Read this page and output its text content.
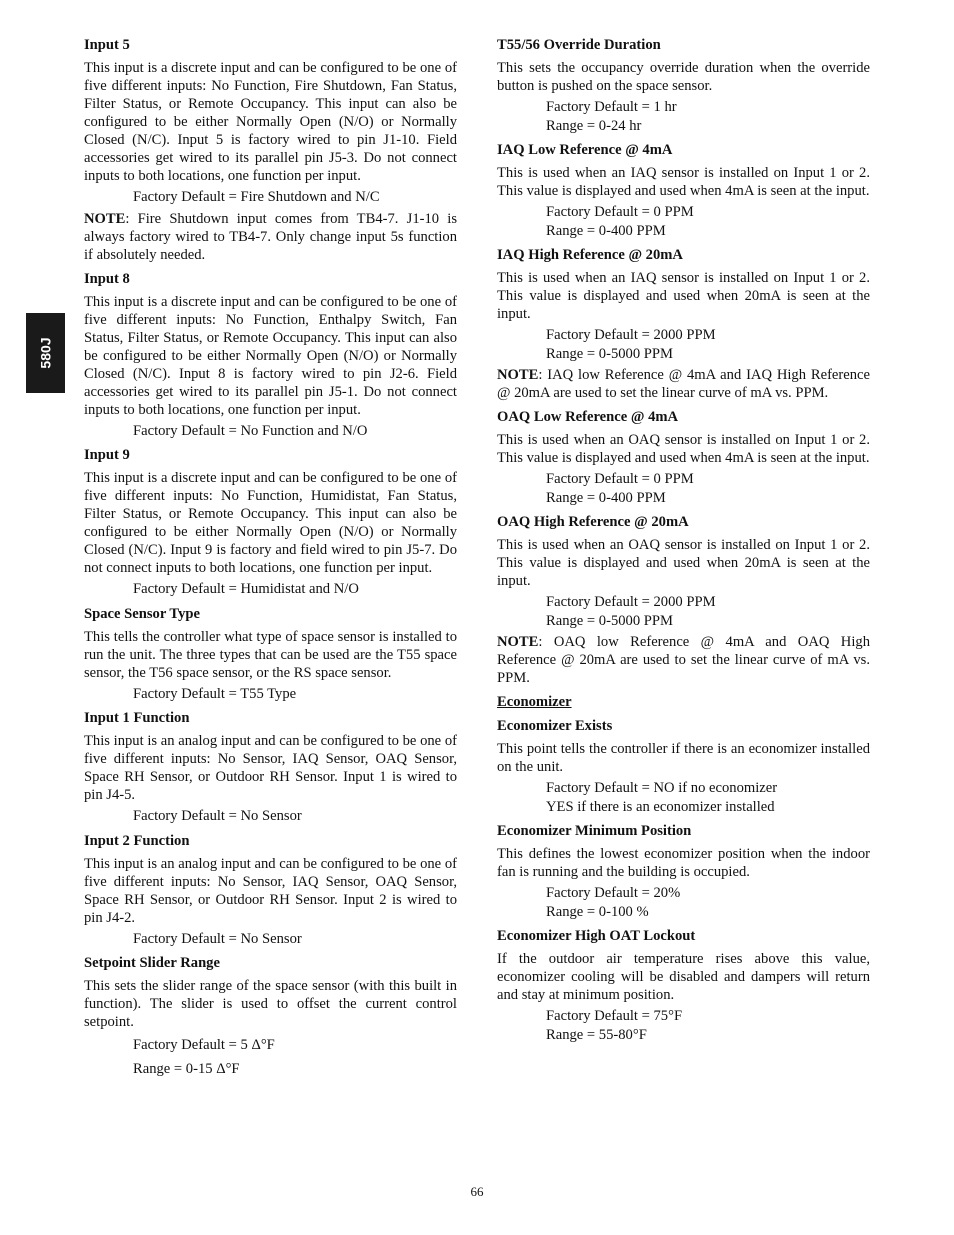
580J
Input 5

This input is a discrete input and can be configured to be one of five different inputs: No Function, Fire Shutdown, Fan Status, Filter Status, or Remote Occupancy. This input can also be configured to be either Normally Open (N/O) or Normally Closed (N/C). Input 5 is factory wired to pin J1-10. Field accessories get wired to its parallel pin J5-3. Do not connect inputs to both locations, one function per input.

Factory Default = Fire Shutdown and N/C

NOTE: Fire Shutdown input comes from TB4-7. J1-10 is always factory wired to TB4-7. Only change input 5s function if absolutely needed.

Input 8

This input is a discrete input and can be configured to be one of five different inputs: No Function, Enthalpy Switch, Fan Status, Filter Status, or Remote Occupancy. This input can also be configured to be either Normally Open (N/O) or Normally Closed (N/C). Input 8 is factory wired to pin J2-6. Field accessories get wired to its parallel pin J5-1. Do not connect inputs to both locations, one function per input.

Factory Default = No Function and N/O
Input 9

This input is a discrete input and can be configured to be one of five different inputs: No Function, Humidistat, Fan Status, Filter Status, or Remote Occupancy. This input can also be configured to be either Normally Open (N/O) or Normally Closed (N/C). Input 9 is factory and field wired to pin J5-7. Do not connect inputs to both locations, one function per input.

Factory Default = Humidistat and N/O
Space Sensor Type

This tells the controller what type of space sensor is installed to run the unit. The three types that can be used are the T55 space sensor, the T56 space sensor, or the RS space sensor.

Factory Default = T55 Type
Input 1 Function

This input is an analog input and can be configured to be one of five different inputs: No Sensor, IAQ Sensor, OAQ Sensor, Space RH Sensor, or Outdoor RH Sensor. Input 1 is wired to pin J4-5.

Factory Default = No Sensor
Input 2 Function

This input is an analog input and can be configured to be one of five different inputs: No Sensor, IAQ Sensor, OAQ Sensor, Space RH Sensor, or Outdoor RH Sensor. Input 2 is wired to pin J4-2.

Factory Default = No Sensor
Setpoint Slider Range

This sets the slider range of the space sensor (with this built in function). The slider is used to offset the current control setpoint.

Factory Default = 5 Δ°F
Range = 0-15 Δ°F
T55/56 Override Duration

This sets the occupancy override duration when the override button is pushed on the space sensor.

Factory Default = 1 hr
Range = 0-24 hr
IAQ Low Reference @ 4mA

This is used when an IAQ sensor is installed on Input 1 or 2. This value is displayed and used when 4mA is seen at the input.

Factory Default = 0 PPM
Range = 0-400 PPM
IAQ High Reference @ 20mA

This is used when an IAQ sensor is installed on Input 1 or 2. This value is displayed and used when 20mA is seen at the input.

Factory Default = 2000 PPM
Range = 0-5000 PPM

NOTE: IAQ low Reference @ 4mA and IAQ High Reference @ 20mA are used to set the linear curve of mA vs. PPM.

OAQ Low Reference @ 4mA

This is used when an OAQ sensor is installed on Input 1 or 2. This value is displayed and used when 4mA is seen at the input.

Factory Default = 0 PPM
Range = 0-400 PPM
OAQ High Reference @ 20mA

This is used when an OAQ sensor is installed on Input 1 or 2. This value is displayed and used when 20mA is seen at the input.

Factory Default = 2000 PPM
Range = 0-5000 PPM

NOTE: OAQ low Reference @ 4mA and OAQ High Reference @ 20mA are used to set the linear curve of mA vs. PPM.

Economizer
Economizer Exists

This point tells the controller if there is an economizer installed on the unit.

Factory Default = NO if no economizer
YES if there is an economizer installed
Economizer Minimum Position

This defines the lowest economizer position when the indoor fan is running and the building is occupied.

Factory Default = 20%
Range = 0-100 %
Economizer High OAT Lockout

If the outdoor air temperature rises above this value, economizer cooling will be disabled and dampers will return and stay at minimum position.

Factory Default = 75°F
Range = 55-80°F
66
